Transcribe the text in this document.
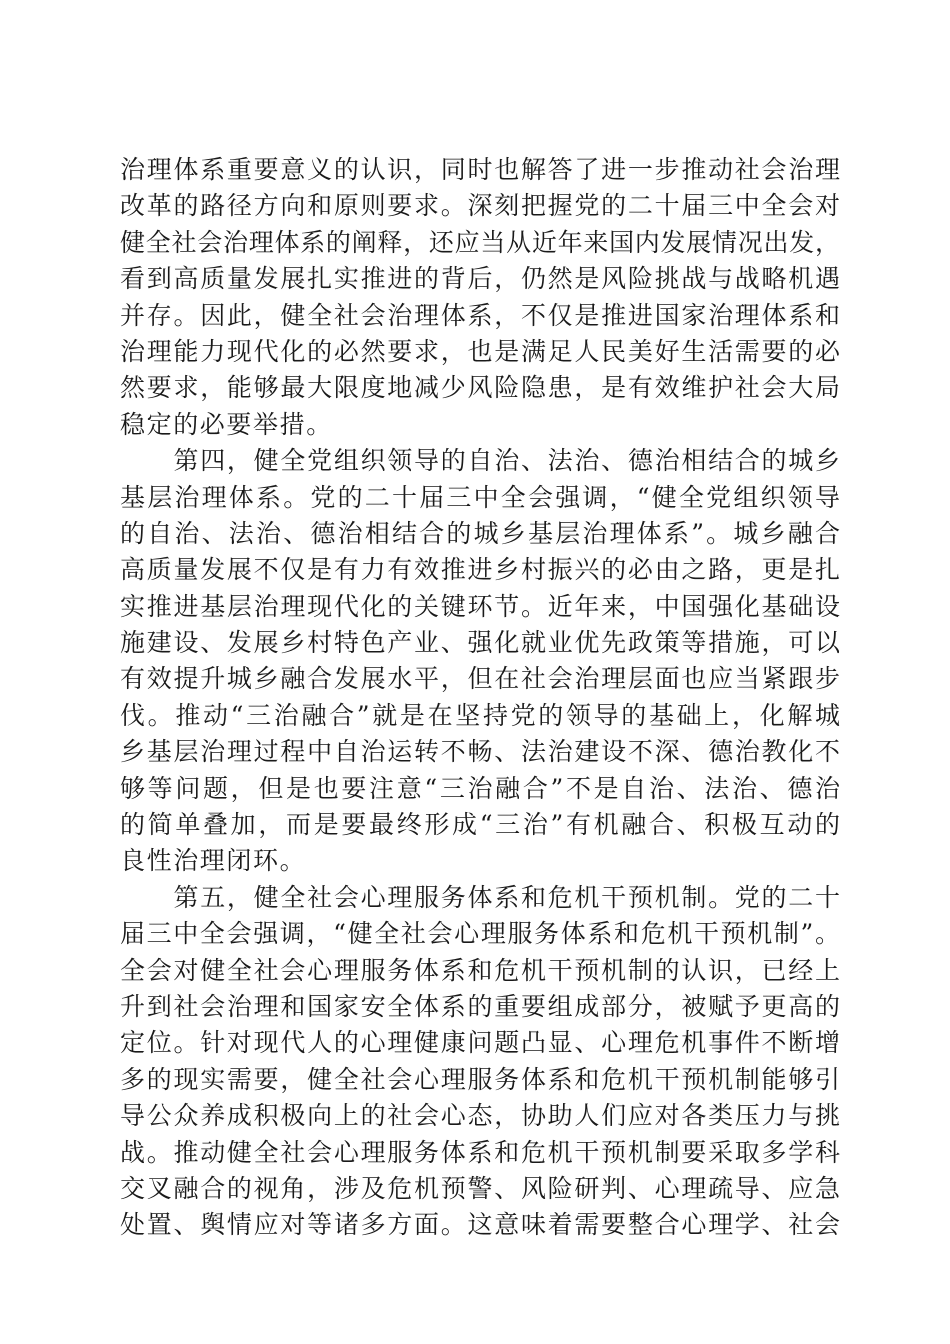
治理体系重要意义的认识，同时也解答了进一步推动社会治理
改革的路径方向和原则要求。深刻把握党的二十届三中全会对
健全社会治理体系的阐释，还应当从近年来国内发展情况出发，
看到高质量发展扎实推进的背后，仍然是风险挑战与战略机遇
并存。因此，健全社会治理体系，不仅是推进国家治理体系和
治理能力现代化的必然要求，也是满足人民美好生活需要的必
然要求，能够最大限度地减少风险隐患，是有效维护社会大局
稳定的必要举措。
　　第四，健全党组织领导的自治、法治、德治相结合的城乡
基层治理体系。党的二十届三中全会强调，“健全党组织领导
的自治、法治、德治相结合的城乡基层治理体系”。城乡融合
高质量发展不仅是有力有效推进乡村振兴的必由之路，更是扎
实推进基层治理现代化的关键环节。近年来，中国强化基础设
施建设、发展乡村特色产业、强化就业优先政策等措施，可以
有效提升城乡融合发展水平，但在社会治理层面也应当紧跟步
伐。推动“三治融合”就是在坚持党的领导的基础上，化解城
乡基层治理过程中自治运转不畅、法治建设不深、德治教化不
够等问题，但是也要注意“三治融合”不是自治、法治、德治
的简单叠加，而是要最终形成“三治”有机融合、积极互动的
良性治理闭环。
　　第五，健全社会心理服务体系和危机干预机制。党的二十
届三中全会强调，“健全社会心理服务体系和危机干预机制”。
全会对健全社会心理服务体系和危机干预机制的认识，已经上
升到社会治理和国家安全体系的重要组成部分，被赋予更高的
定位。针对现代人的心理健康问题凸显、心理危机事件不断增
多的现实需要，健全社会心理服务体系和危机干预机制能够引
导公众养成积极向上的社会心态，协助人们应对各类压力与挑
战。推动健全社会心理服务体系和危机干预机制要采取多学科
交叉融合的视角，涉及危机预警、风险研判、心理疏导、应急
处置、舆情应对等诸多方面。这意味着需要整合心理学、社会
